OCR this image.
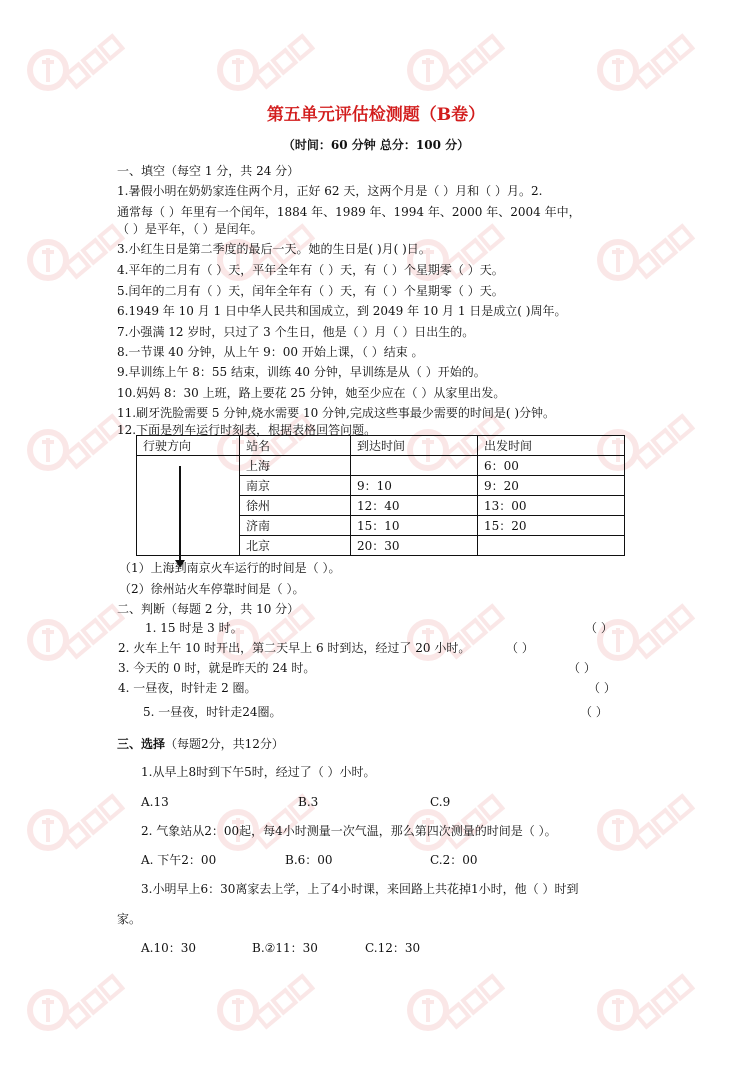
第五单元评估检测题（B卷）
（时间：60 分钟 总分：100 分）
一、填空（每空 1 分，共 24 分）
1.暑假小明在奶奶家连住两个月，正好 62 天，这两个月是（ ）月和（ ）月。2.
通常每（ ）年里有一个闰年，1884 年、1989 年、1994 年、2000 年、2004 年中，
（ ）是平年，（ ）是闰年。
3.小红生日是第二季度的最后一天。她的生日是( )月( )日。
4.平年的二月有（ ）天，平年全年有（ ）天，有（ ）个星期零（ ）天。
5.闰年的二月有（ ）天，闰年全年有（ ）天，有（ ）个星期零（ ）天。
6.1949 年 10 月 1 日中华人民共和国成立，到 2049 年 10 月 1 日是成立( )周年。
7.小强满 12 岁时，只过了 3 个生日，他是（ ）月（ ）日出生的。
8.一节课 40 分钟，从上午 9：00 开始上课，（ ）结束 。
9.早训练上午 8：55 结束，训练 40 分钟，早训练是从（ ）开始的。
10.妈妈 8：30 上班，路上要花 25 分钟，她至少应在（ ）从家里出发。
11.刷牙洗脸需要 5 分钟,烧水需要 10 分钟,完成这些事最少需要的时间是( )分钟。
12.下面是列车运行时刻表，根据表格回答问题。
行驶方向	站名	到达时间	出发时间
	上海		6：00
	南京	9：10	9：20
	徐州	12：40	13：00
	济南	15：10	15：20
	北京	20：30	
（1）上海到南京火车运行的时间是（ ）。
（2）徐州站火车停靠时间是（ ）。
二、判断（每题 2 分，共 10 分）
1. 15 时是 3 时。	（ ）
2. 火车上午 10 时开出，第二天早上 6 时到达，经过了 20 小时。	（ ）
3. 今天的 0 时，就是昨天的 24 时。	（ ）
4. 一昼夜，时针走 2 圈。	（ ）
5. 一昼夜，时针走24圈。	（ ）
三、选择（每题2分，共12分）
1.从早上8时到下午5时，经过了（ ）小时。
A.13	B.3	C.9
2. 气象站从2：00起，每4小时测量一次气温，那么第四次测量的时间是（ ）。
A. 下午2：00	B.6：00	C.2：00
3.小明早上6：30离家去上学，上了4小时课，来回路上共花掉1小时，他（ ）时到
家。
A.10：30	B.②11：30	C.12：30
